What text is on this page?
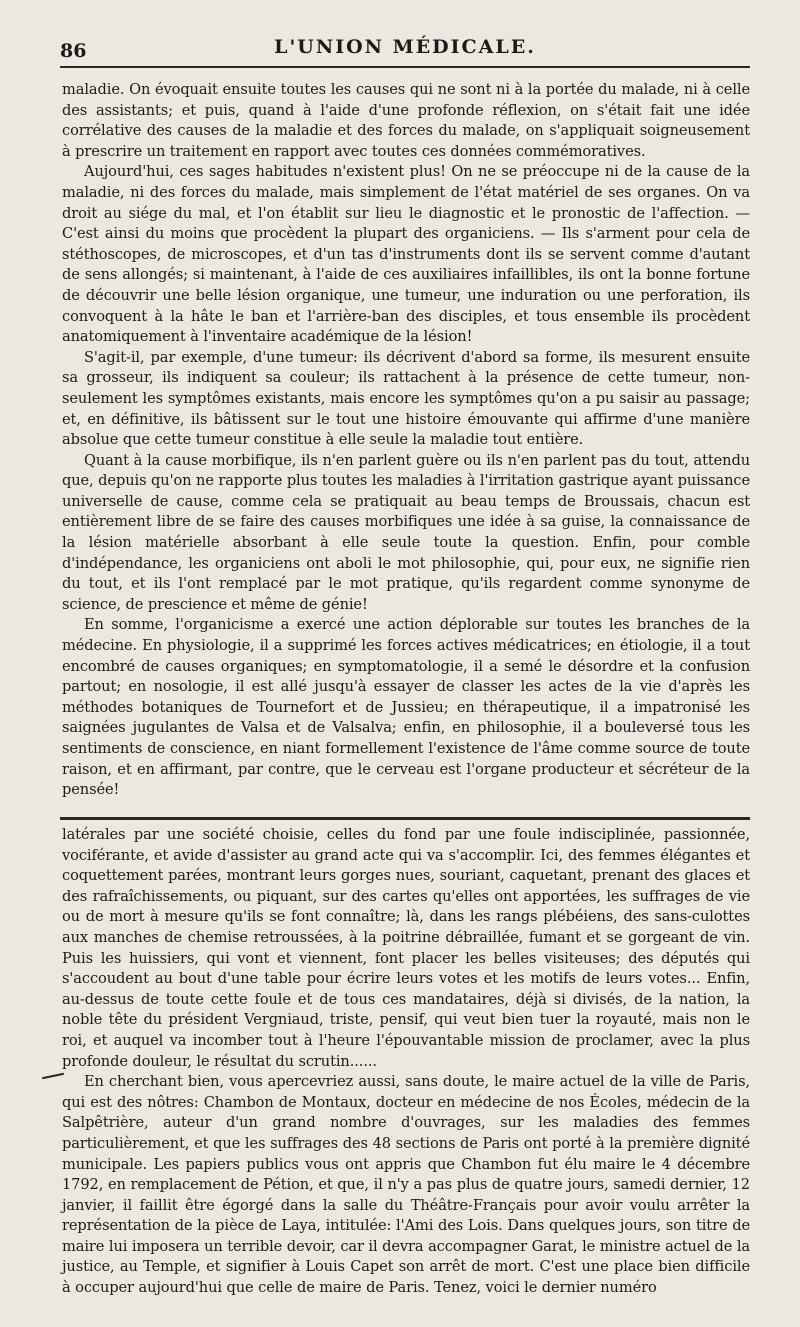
86	L'UNION MÉDICALE.

maladie. On évoquait ensuite toutes les causes qui ne sont ni à la portée du malade, ni à celle des assistants; et puis, quand à l'aide d'une profonde réflexion, on s'était fait une idée corrélative des causes de la maladie et des forces du malade, on s'appliquait soigneusement à prescrire un traitement en rapport avec toutes ces données commémoratives.

Aujourd'hui, ces sages habitudes n'existent plus! On ne se préoccupe ni de la cause de la maladie, ni des forces du malade, mais simplement de l'état matériel de ses organes. On va droit au siége du mal, et l'on établit sur lieu le diagnostic et le pronostic de l'affection. — C'est ainsi du moins que procèdent la plupart des organiciens. — Ils s'arment pour cela de stéthoscopes, de microscopes, et d'un tas d'instruments dont ils se servent comme d'autant de sens allongés; si maintenant, à l'aide de ces auxiliaires infaillibles, ils ont la bonne fortune de découvrir une belle lésion organique, une tumeur, une induration ou une perforation, ils convoquent à la hâte le ban et l'arrière-ban des disciples, et tous ensemble ils procèdent anatomiquement à l'inventaire académique de la lésion!

S'agit-il, par exemple, d'une tumeur: ils décrivent d'abord sa forme, ils mesurent ensuite sa grosseur, ils indiquent sa couleur; ils rattachent à la présence de cette tumeur, non-seulement les symptômes existants, mais encore les symptômes qu'on a pu saisir au passage; et, en définitive, ils bâtissent sur le tout une histoire émouvante qui affirme d'une manière absolue que cette tumeur constitue à elle seule la maladie tout entière.

Quant à la cause morbifique, ils n'en parlent guère ou ils n'en parlent pas du tout, attendu que, depuis qu'on ne rapporte plus toutes les maladies à l'irritation gastrique ayant puissance universelle de cause, comme cela se pratiquait au beau temps de Broussais, chacun est entièrement libre de se faire des causes morbifiques une idée à sa guise, la connaissance de la lésion matérielle absorbant à elle seule toute la question. Enfin, pour comble d'indépendance, les organiciens ont aboli le mot philosophie, qui, pour eux, ne signifie rien du tout, et ils l'ont remplacé par le mot pratique, qu'ils regardent comme synonyme de science, de prescience et même de génie!

En somme, l'organicisme a exercé une action déplorable sur toutes les branches de la médecine. En physiologie, il a supprimé les forces actives médicatrices; en étiologie, il a tout encombré de causes organiques; en symptomatologie, il a semé le désordre et la confusion partout; en nosologie, il est allé jusqu'à essayer de classer les actes de la vie d'après les méthodes botaniques de Tournefort et de Jussieu; en thérapeutique, il a impatronisé les saignées jugulantes de Valsa et de Valsalva; enfin, en philosophie, il a bouleversé tous les sentiments de conscience, en niant formellement l'existence de l'âme comme source de toute raison, et en affirmant, par contre, que le cerveau est l'organe producteur et sécréteur de la pensée!

latérales par une société choisie, celles du fond par une foule indisciplinée, passionnée, vociférante, et avide d'assister au grand acte qui va s'accomplir. Ici, des femmes élégantes et coquettement parées, montrant leurs gorges nues, souriant, caquetant, prenant des glaces et des rafraîchissements, ou piquant, sur des cartes qu'elles ont apportées, les suffrages de vie ou de mort à mesure qu'ils se font connaître; là, dans les rangs plébéiens, des sans-culottes aux manches de chemise retroussées, à la poitrine débraillée, fumant et se gorgeant de vin. Puis les huissiers, qui vont et viennent, font placer les belles visiteuses; des députés qui s'accoudent au bout d'une table pour écrire leurs votes et les motifs de leurs votes... Enfin, au-dessus de toute cette foule et de tous ces mandataires, déjà si divisés, de la nation, la noble tête du président Vergniaud, triste, pensif, qui veut bien tuer la royauté, mais non le roi, et auquel va incomber tout à l'heure l'épouvantable mission de proclamer, avec la plus profonde douleur, le résultat du scrutin......

En cherchant bien, vous apercevriez aussi, sans doute, le maire actuel de la ville de Paris, qui est des nôtres: Chambon de Montaux, docteur en médecine de nos Écoles, médecin de la Salpêtrière, auteur d'un grand nombre d'ouvrages, sur les maladies des femmes particulièrement, et que les suffrages des 48 sections de Paris ont porté à la première dignité municipale. Les papiers publics vous ont appris que Chambon fut élu maire le 4 décembre 1792, en remplacement de Pétion, et que, il n'y a pas plus de quatre jours, samedi dernier, 12 janvier, il faillit être égorgé dans la salle du Théâtre-Français pour avoir voulu arrêter la représentation de la pièce de Laya, intitulée: l'Ami des Lois. Dans quelques jours, son titre de maire lui imposera un terrible devoir, car il devra accompagner Garat, le ministre actuel de la justice, au Temple, et signifier à Louis Capet son arrêt de mort. C'est une place bien difficile à occuper aujourd'hui que celle de maire de Paris. Tenez, voici le dernier numéro
